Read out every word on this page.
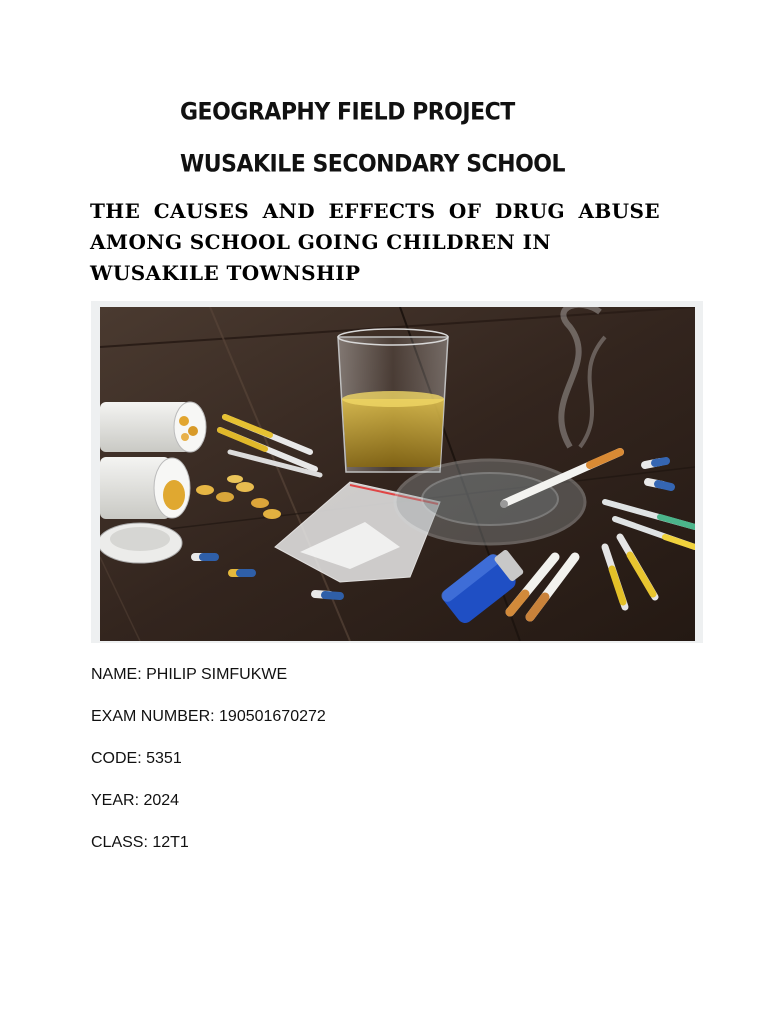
GEOGRAPHY FIELD PROJECT
WUSAKILE SECONDARY SCHOOL
THE CAUSES AND EFFECTS OF DRUG ABUSE
AMONG SCHOOL GOING CHILDREN IN
WUSAKILE TOWNSHIP
NAME: PHILIP SIMFUKWE
EXAM NUMBER: 190501670272
CODE: 5351
YEAR: 2024
CLASS: 12T1
